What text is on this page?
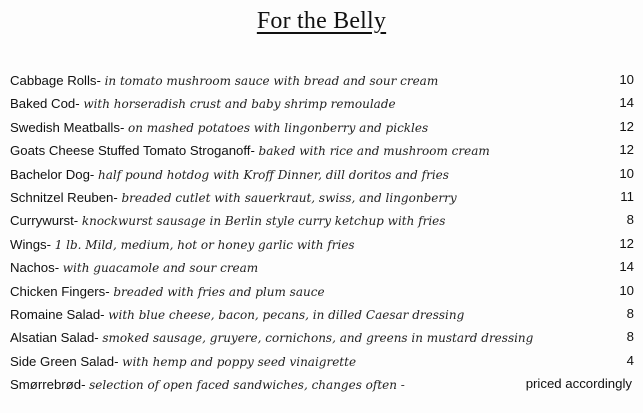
For the Belly
Cabbage Rolls- in tomato mushroom sauce with bread and sour cream	10
Baked Cod- with horseradish crust and baby shrimp remoulade	14
Swedish Meatballs- on mashed potatoes with lingonberry and pickles	12
Goats Cheese Stuffed Tomato Stroganoff- baked with rice and mushroom cream	12
Bachelor Dog- half pound hotdog with Kroff Dinner, dill doritos and fries	10
Schnitzel Reuben- breaded cutlet with sauerkraut, swiss, and lingonberry	11
Currywurst- knockwurst sausage in Berlin style curry ketchup with fries	8
Wings- 1 lb. Mild, medium, hot or honey garlic with fries	12
Nachos- with guacamole and sour cream	14
Chicken Fingers- breaded with fries and plum sauce	10
Romaine Salad- with blue cheese, bacon, pecans, in dilled Caesar dressing	8
Alsatian Salad- smoked sausage, gruyere, cornichons, and greens in mustard dressing	8
Side Green Salad- with hemp and poppy seed vinaigrette	4
Smørrebrød- selection of open faced sandwiches, changes often -	priced accordingly
